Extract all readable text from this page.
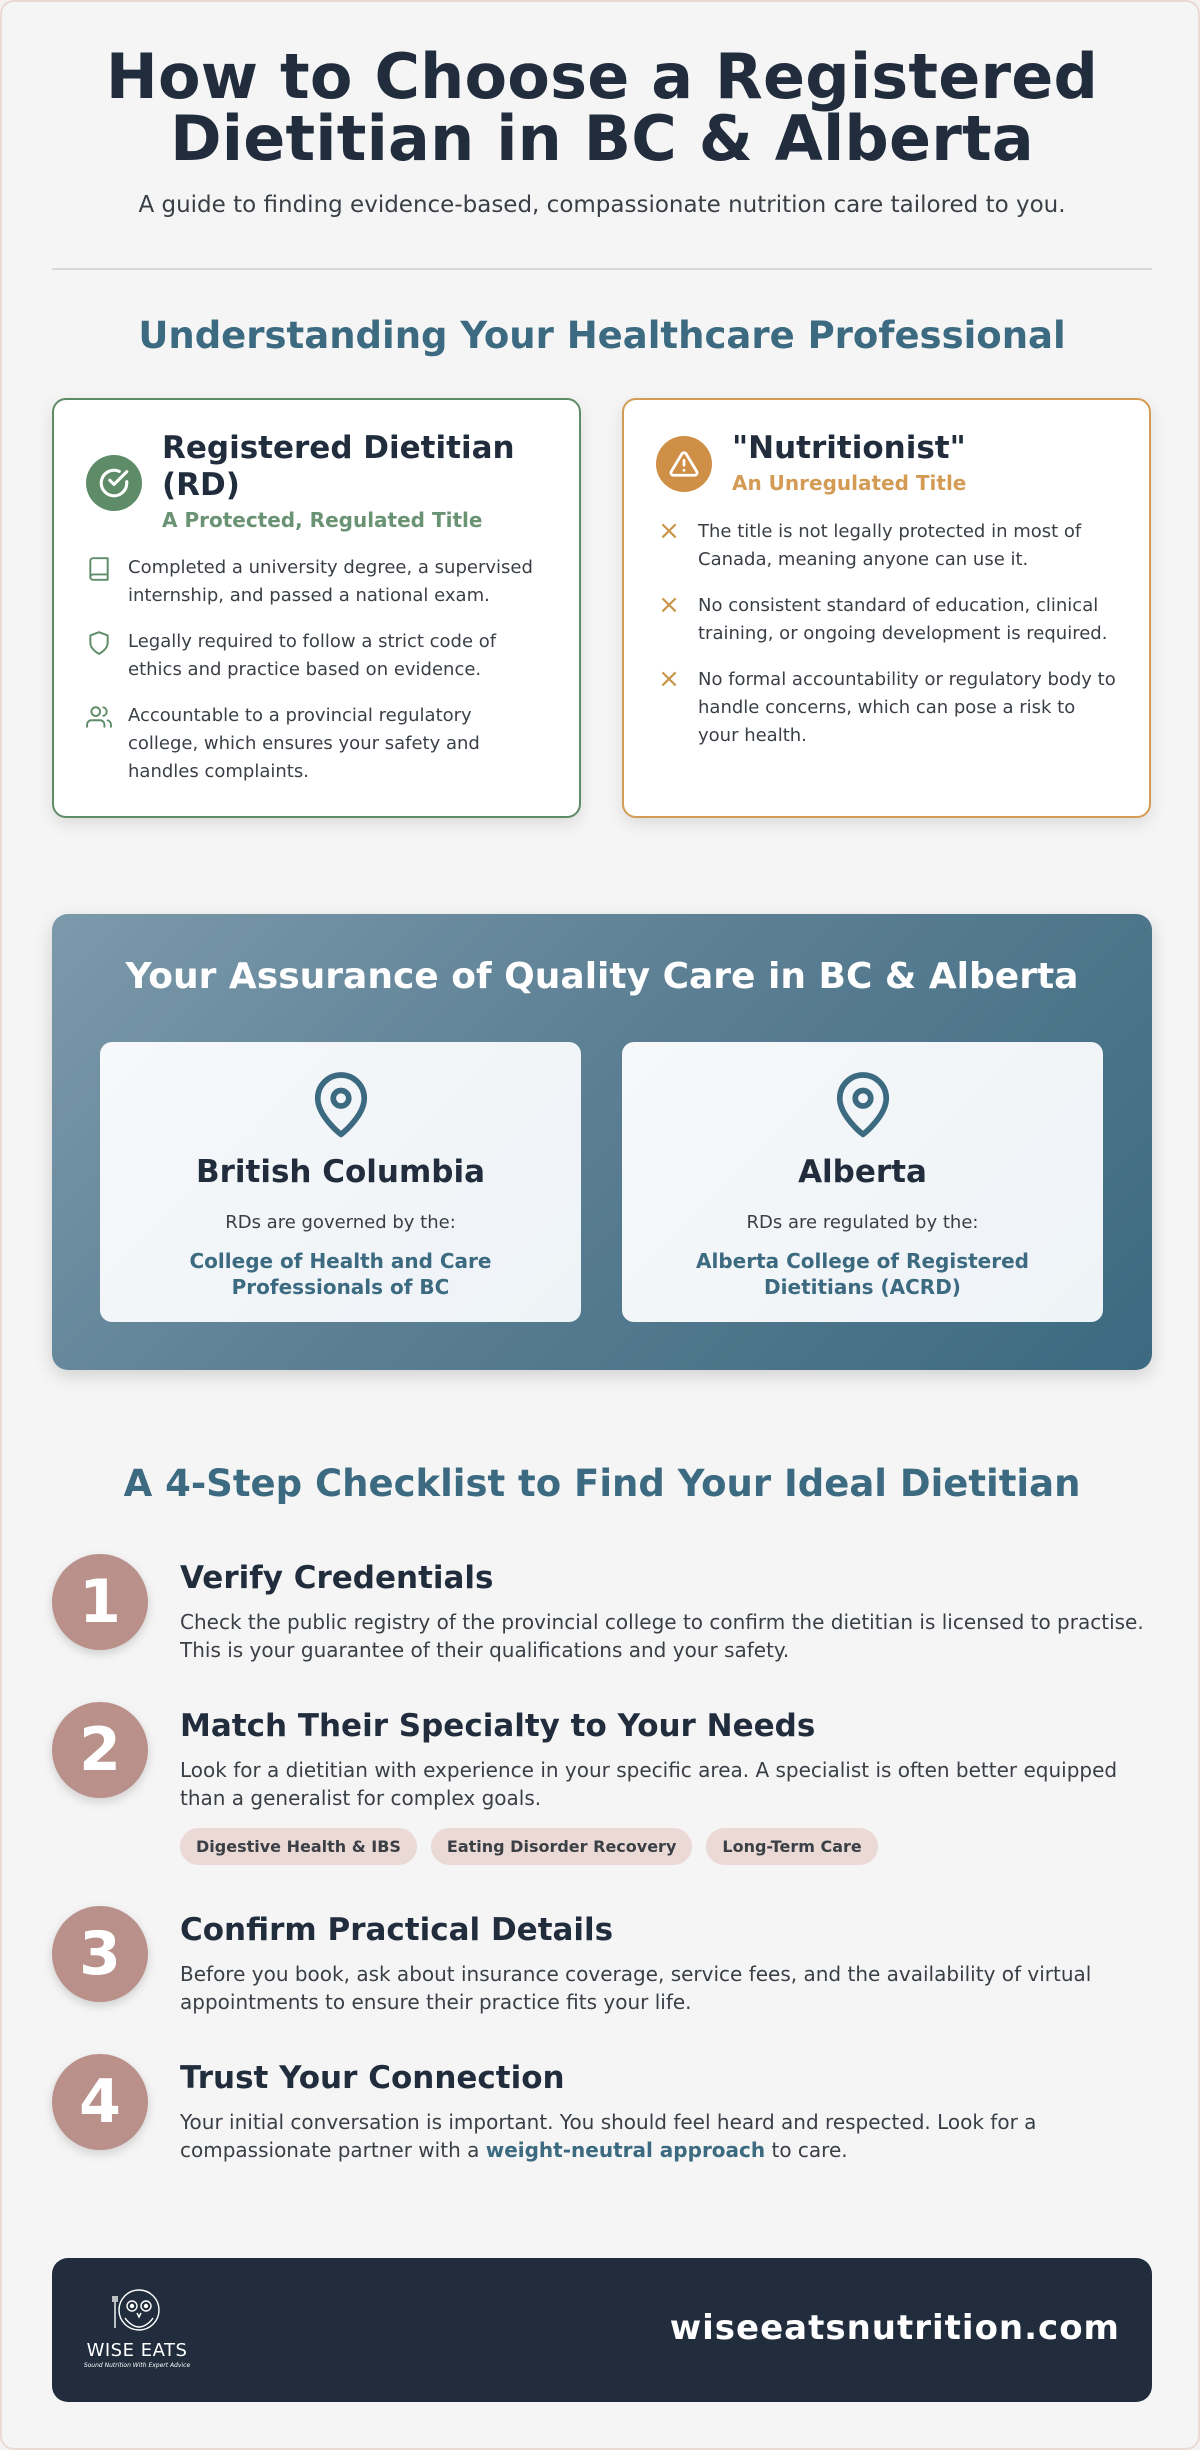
How to Choose a Registered
Dietitian in BC & Alberta
A guide to finding evidence-based, compassionate nutrition care tailored to you.
Understanding Your Healthcare Professional
Registered Dietitian (RD)
A Protected, Regulated Title
Completed a university degree, a supervised internship, and passed a national exam.
Legally required to follow a strict code of ethics and practice based on evidence.
Accountable to a provincial regulatory college, which ensures your safety and handles complaints.
"Nutritionist"
An Unregulated Title
× The title is not legally protected in most of Canada, meaning anyone can use it.
× No consistent standard of education, clinical training, or ongoing development is required.
× No formal accountability or regulatory body to handle concerns, which can pose a risk to your health.
Your Assurance of Quality Care in BC & Alberta
British Columbia
RDs are governed by the:
College of Health and Care Professionals of BC
Alberta
RDs are regulated by the:
Alberta College of Registered Dietitians (ACRD)
A 4-Step Checklist to Find Your Ideal Dietitian
1	Verify Credentials
Check the public registry of the provincial college to confirm the dietitian is licensed to practise. This is your guarantee of their qualifications and your safety.
2	Match Their Specialty to Your Needs
Look for a dietitian with experience in your specific area. A specialist is often better equipped than a generalist for complex goals.
Digestive Health & IBS	Eating Disorder Recovery	Long-Term Care
3	Confirm Practical Details
Before you book, ask about insurance coverage, service fees, and the availability of virtual appointments to ensure their practice fits your life.
4	Trust Your Connection
Your initial conversation is important. You should feel heard and respected. Look for a compassionate partner with a weight-neutral approach to care.
WISE EATS
Sound Nutrition With Expert Advice
wiseeatsnutrition.com
